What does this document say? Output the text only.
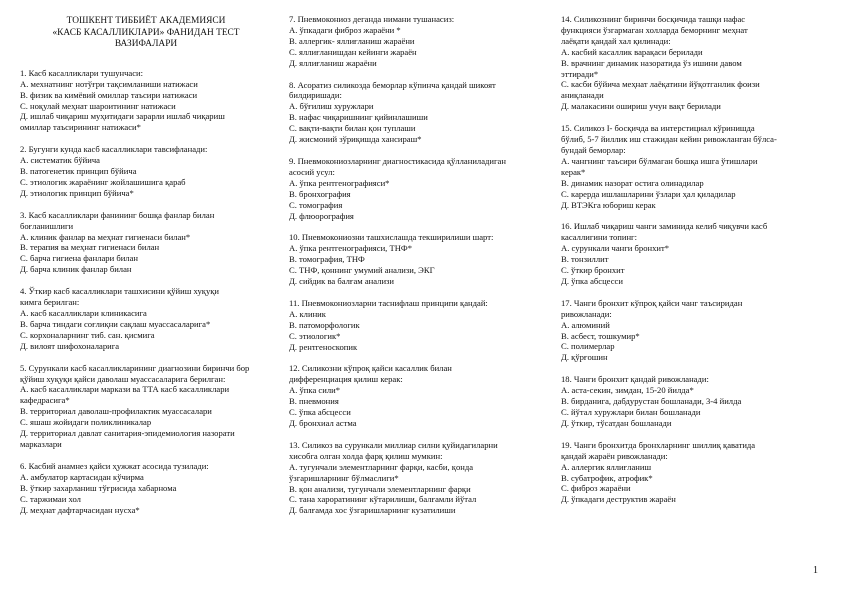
ТОШКЕНТ ТИББИЁТ АКАДЕМИЯСИ
«КАСБ КАСАЛЛИКЛАРИ» ФАНИДАН ТЕСТ
ВАЗИФАЛАРИ
1. Касб касалликлари тушунчаси:
A. мехнатнинг нотўғри тақсимланиши натижаси
B. физик ва кимёвий омиллар таъсири натижаси
C. ноқулай меҳнат шароитининг натижаси
Д. ишлаб чиқариш муҳитидаги зарарли ишлаб чиқариш
омиллар таъсирининг натижаси*
2. Бугунги кунда касб касалликлари тавсифланади:
A. систематик бўйича
B. патогенетик принцип бўйича
C. этиологик жараёнинг жойлашишига қараб
Д. этиологик принцип бўйича*
3. Касб касалликлари фанининг бошқа фанлар билан
боғланишлиги
A. клиник фанлар ва меҳнат гигиенаси билан*
B. терапия ва меҳнат гигиенаси билан
C. барча гигиена фанлари билан
Д. барча клиник фанлар билан
4. Ўткир касб касалликлари ташхисини қўйиш хуқуқи
кимга берилган:
A. касб касалликлари клиникасига
B. барча тиндаги соғлиқни сақлаш муассасаларига*
C. корхоналарнинг тиб. сан. қисмига
Д. вилоят шифохоналарига
5. Сурункали касб касалликларининг диагнозини биринчи бор
қўйиш хуқуқи қайси даволаш муассасаларига берилган:
A. касб касалликлари маркази ва ТТА касб касалликлари
кафедрасига*
B. территориал даволаш-профилактик муассасалари
C. яшаш жойидаги поликлиникалар
Д. территориал давлат санитария-эпидемиология назорати
марказлари
6. Касбий анамнез қайси ҳужжат асосида тузилади:
A. амбулатор картасидан кўчирма
B. ўткир захарланиш тўғрисида хабарнома
C. таржимаи хол
Д. меҳнат дафтарчасидан нусха*
7. Пневмокониоз деганда нимани тушанасиз:
A. ўпкадаги фиброз жараёни *
B. аллергик- яллиғланиш жараёни
C. яллиғланишдан кейинги жараён
Д. яллиғланиш жараёни
8. Асоратиз силикозда беморлар кўпинча қандай шикоят
билдиришади:
A. бўғилиш хуружлари
B. нафас чиқаришнинг қийинлашиши
C. вақти-вақти билан қон туплаши
Д. жисмоний зўриқишда хансираш*
9. Пневмокониозларнинг диагностикасида қўлланиладиган
асосий усул:
A. ўпка рентгенографияси*
B. бронхография
C. томография
Д. флюорография
10. Пневмокониозни ташхислашда текширилиши шарт:
A. ўпка рентгенографияси, ТНФ*
B. томография, ТНФ
C. ТНФ, қоннинг умумий анализи, ЭКГ
Д. сийдик ва балғам анализи
11. Пневмокониозларни таснифлаш принципи қандай:
A. клиник
B. патоморфологик
C. этиологик*
Д. рентгеноскопик
12. Силикозни кўпроқ қайси касаллик билан
дифференциация қилиш керак:
A. ўпка сили*
B. пневмония
C. ўпка абсцесси
Д. бронхиал астма
13. Силикоз ва сурункали миллиар силни қуйидагиларни
хисобга олган холда фарқ қилиш мумкин:
A. тугунчали элементларнинг фарқи, касби, қонда
ўзгаришларнинг бўлмаслиги*
B. қон анализи, тугунчали элементларнинг фарқи
C. тана хароратининг кўтарилиши, балғамли йўтал
Д. балғамда хос ўзгаришларнинг кузатилиши
14. Силикознинг биринчи босқичида ташқи нафас
функцияси ўзгармаган холларда беморнинг меҳнат
лаёқати қандай хал қилинади:
A. касбий касаллик варақаси берилади
B. врачнинг динамик назоратида ўз ишини давом
эттиради*
C. касби бўйича меҳнат лаёқатини йўқотганлик фоизи
аниқланади
Д. малакасини ошириш учун вақт берилади
15. Силикоз I- босқичда ва интерстициал кўринишда
бўлиб, 5-7 йиллик иш стажидан кейин ривожланган бўлса-
бундай беморлар:
A. чангнинг таъсири бўлмаган бошқа ишга ўтишлари
керак*
B. динамик назорат остига олинадилар
C. карерда ишлашларини ўзлари ҳал қиладилар
Д. ВТЭКга юбориш керак
16. Ишлаб чиқариш чанги заминида келиб чиқувчи касб
касаллигини топинг:
A. сурункали чанги бронхит*
B. тонзиллит
C. ўткир бронхит
Д. ўпка абсцесси
17. Чанги бронхит кўпроқ қайси чанг таъсиридан
ривожланади:
A. алюминий
B. асбест, тошкумир*
C. полимерлар
Д. қўрғошин
18. Чанги бронхит қандай ривожланади:
A. аста-секин, зимдан, 15-20 йилда*
B. бирданига, дабдурустан бошланади, 3-4 йилда
C. йўтал хуружлари билан бошланади
Д. ўткир, тўсатдан бошланади
19. Чанги бронхитда бронхларнинг шиллиқ қаватида
қандай жараён ривожланади:
A. аллергик яллиғланиш
B. субатрофик, атрофик*
C. фиброз жараёни
Д. ўпкадаги деструктив жараён
1
